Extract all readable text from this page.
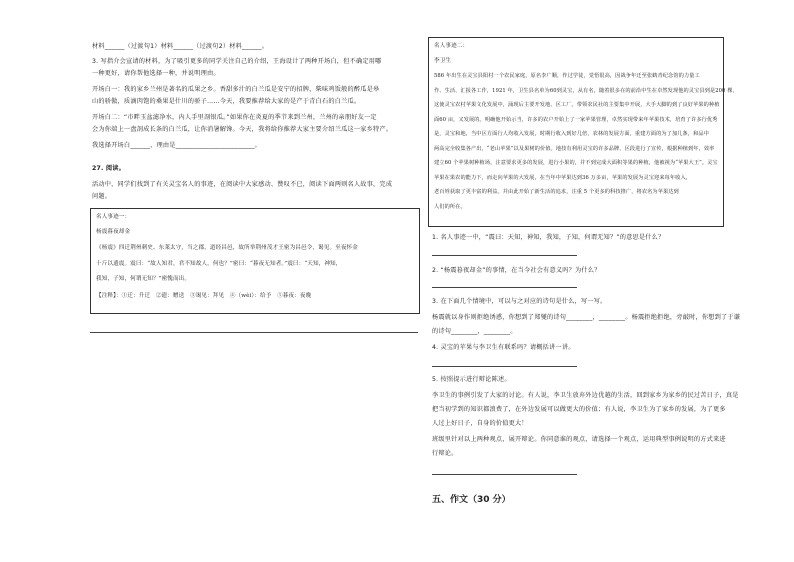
材料______（过渡句1）材料______（过渡句2）材料______。
3. 写指介会宣请的材料，为了吸引更多的同学关注自己的介绍，王海设计了两种开场白，但不确定用哪
一种更好，请你帮他选择一种，并说明理由。
开场白一：我的家乡兰州是著名的瓜果之乡。香甜多汁的白兰瓜是安宁的招牌，柴味鸡饭般的醉瓜是皋
山的骄傲，质滴肉饱的桑果是什川的骄子……今天，我要推荐给大家的是产于青白石的白兰瓜。
开场白二：“市畔玉盆滤净水，内人手里剖银瓜。”如果你在炎夏的季节来到兰州，兰州的亲朋好友一定
会为你端上一盘剖成长条的白兰瓜，让你消暑解馋。今天，我将给你推荐大家主要介绍兰瓜这一家乡特产。
我选择开场白______，理由是________________________。
27. 阅读。
活动中，同学们找到了有关灵宝名人的事迹，在阅读中大家感动、赞叹不已，阅读下面两则名人故事，完成
问题。
名人事迹一：
杨震暮夜却金
《杨震》四迁荆州刺史、东莱太守，当之郡，道经昌邑，故所举荆州茂才王密为昌邑令，谒见。至夜怀金
十斤以遗震。震曰：“故人知君，君不知故人，何也？”密曰：“暮夜无知者。”震曰：“天知，神知，
我知，子知，何谓无知？”密愧而出。
【注释】：①迁：升迁　②遗：赠送　③谒见：拜见　④（wèi）：给予　⑤暮夜：夜晚
名人事迹二：
李卫生
586 年出生在灵宝县阳村一个农民家庭，原名李广顺，作过学徒，觉悟很高，因战争年迁至张鹤青纪念馆的力量工
作、生活、汇报各工作，1921 年，卫生县名单为60到灵宝，从有名，随着很多在的前沿中生在卓然发现他的灵宝县到是200 棵，
这使灵宝农村苹果文化发展中，涌现后主要开发地、区工厂。带领农民社的主要集中开展，大手大脚的到了良好苹果的种植
面60 亩，又发展的。明确他开始示当，许多的农户开始上了一家苹果管理，卓然实现带来年苹果技术，培育了许多行优秀
是，灵宝和地，当中区方面行人均收入发展，时期行收入到好几倍，农林的发展方面，重建方面的为了加几条，和品中
两高完全收集各产出，“老山苹果”以及果树的价值。地技有利用灵宝的许多品牌，区段进行了宣传，根据种植到年，效率
建立60 个苹果树种植场，注意要求更多的发展，进行小果的，并不到完成大面积等果的种植，他被视为“苹果大王”。灵宝
苹果在果农的能力下，而走向苹果的大发展，在当年中苹果达到36 万多亩，苹果的发展为灵宝迎来每年收入，
老百姓获取了更丰富的利益。并由此开始了新生活的追求，注重 5 个更多的科技推广，将农名为苹果达到
人们的所在。
1. 名人事迹一中，“震曰：天知，神知，我知，子知，何谓无知？”的意思是什么？
2. “杨震暮夜却金”的事情，在当今社会有意义吗？为什么？
3. 在下面几个情境中，可以与之对应的诗句是什么，写一写。
杨震就以身作则拒绝诱惑，你想到了郑燮的诗句________，________。杨震拒绝拒绝，旁敲时，你想到了于谦
的诗句________，________。
4. 灵宝的苹果与李卫生有联系吗？请概括讲一讲。
5. 按照提示进行辩论陈述。
李卫生的事例引发了大家的讨论。有人说，李卫生放弃外边优越的生活，回到家乡为家乡的民过苦日子，真是
把当初学到的知识都浪费了，在外边发展可以做更大的价值；有人说，李卫生为了家乡的发展，为了更多
人过上好日子，自身的价值更大！
班级里针对以上两种观点，展开辩论。你同意谁的观点，请选择一个观点，运用典型事例说明的方式来进
行辩论。
五、作文（30 分）
